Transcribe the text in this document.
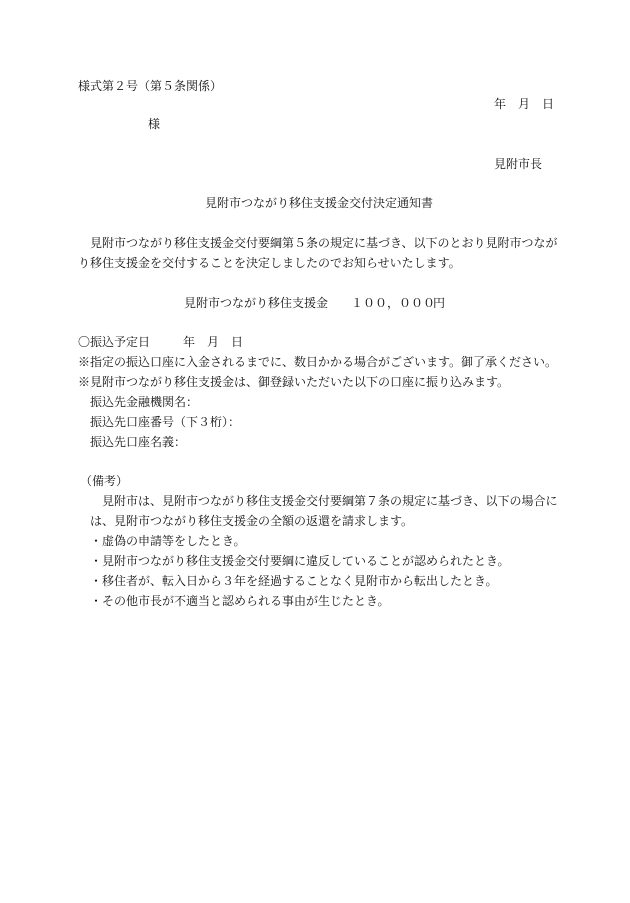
様式第２号（第５条関係）
年　月　日
様
見附市長
見附市つながり移住支援金交付決定通知書
　見附市つながり移住支援金交付要綱第５条の規定に基づき、以下のとおり見附市つなが
り移住支援金を交付することを決定しましたのでお知らせいたします。
見附市つながり移住支援金 １００，０００
円
〇振込予定日	年　月　日
※指定の振込口座に入金されるまでに、数日かかる場合がございます。御了承ください。
※見附市つながり移住支援金は、御登録いただいた以下の口座に振り込みます。
振込先金融機関名：
振込先口座番号（下３桁）：
振込先口座名義：
（備考）
　見附市は、見附市つながり移住支援金交付要綱第７条の規定に基づき、以下の場合に
は、見附市つながり移住支援金の全額の返還を請求します。
・虚偽の申請等をしたとき。
・見附市つながり移住支援金交付要綱に違反していることが認められたとき。
・移住者が、転入日から３年を経過することなく見附市から転出したとき。
・その他市長が不適当と認められる事由が生じたとき。
